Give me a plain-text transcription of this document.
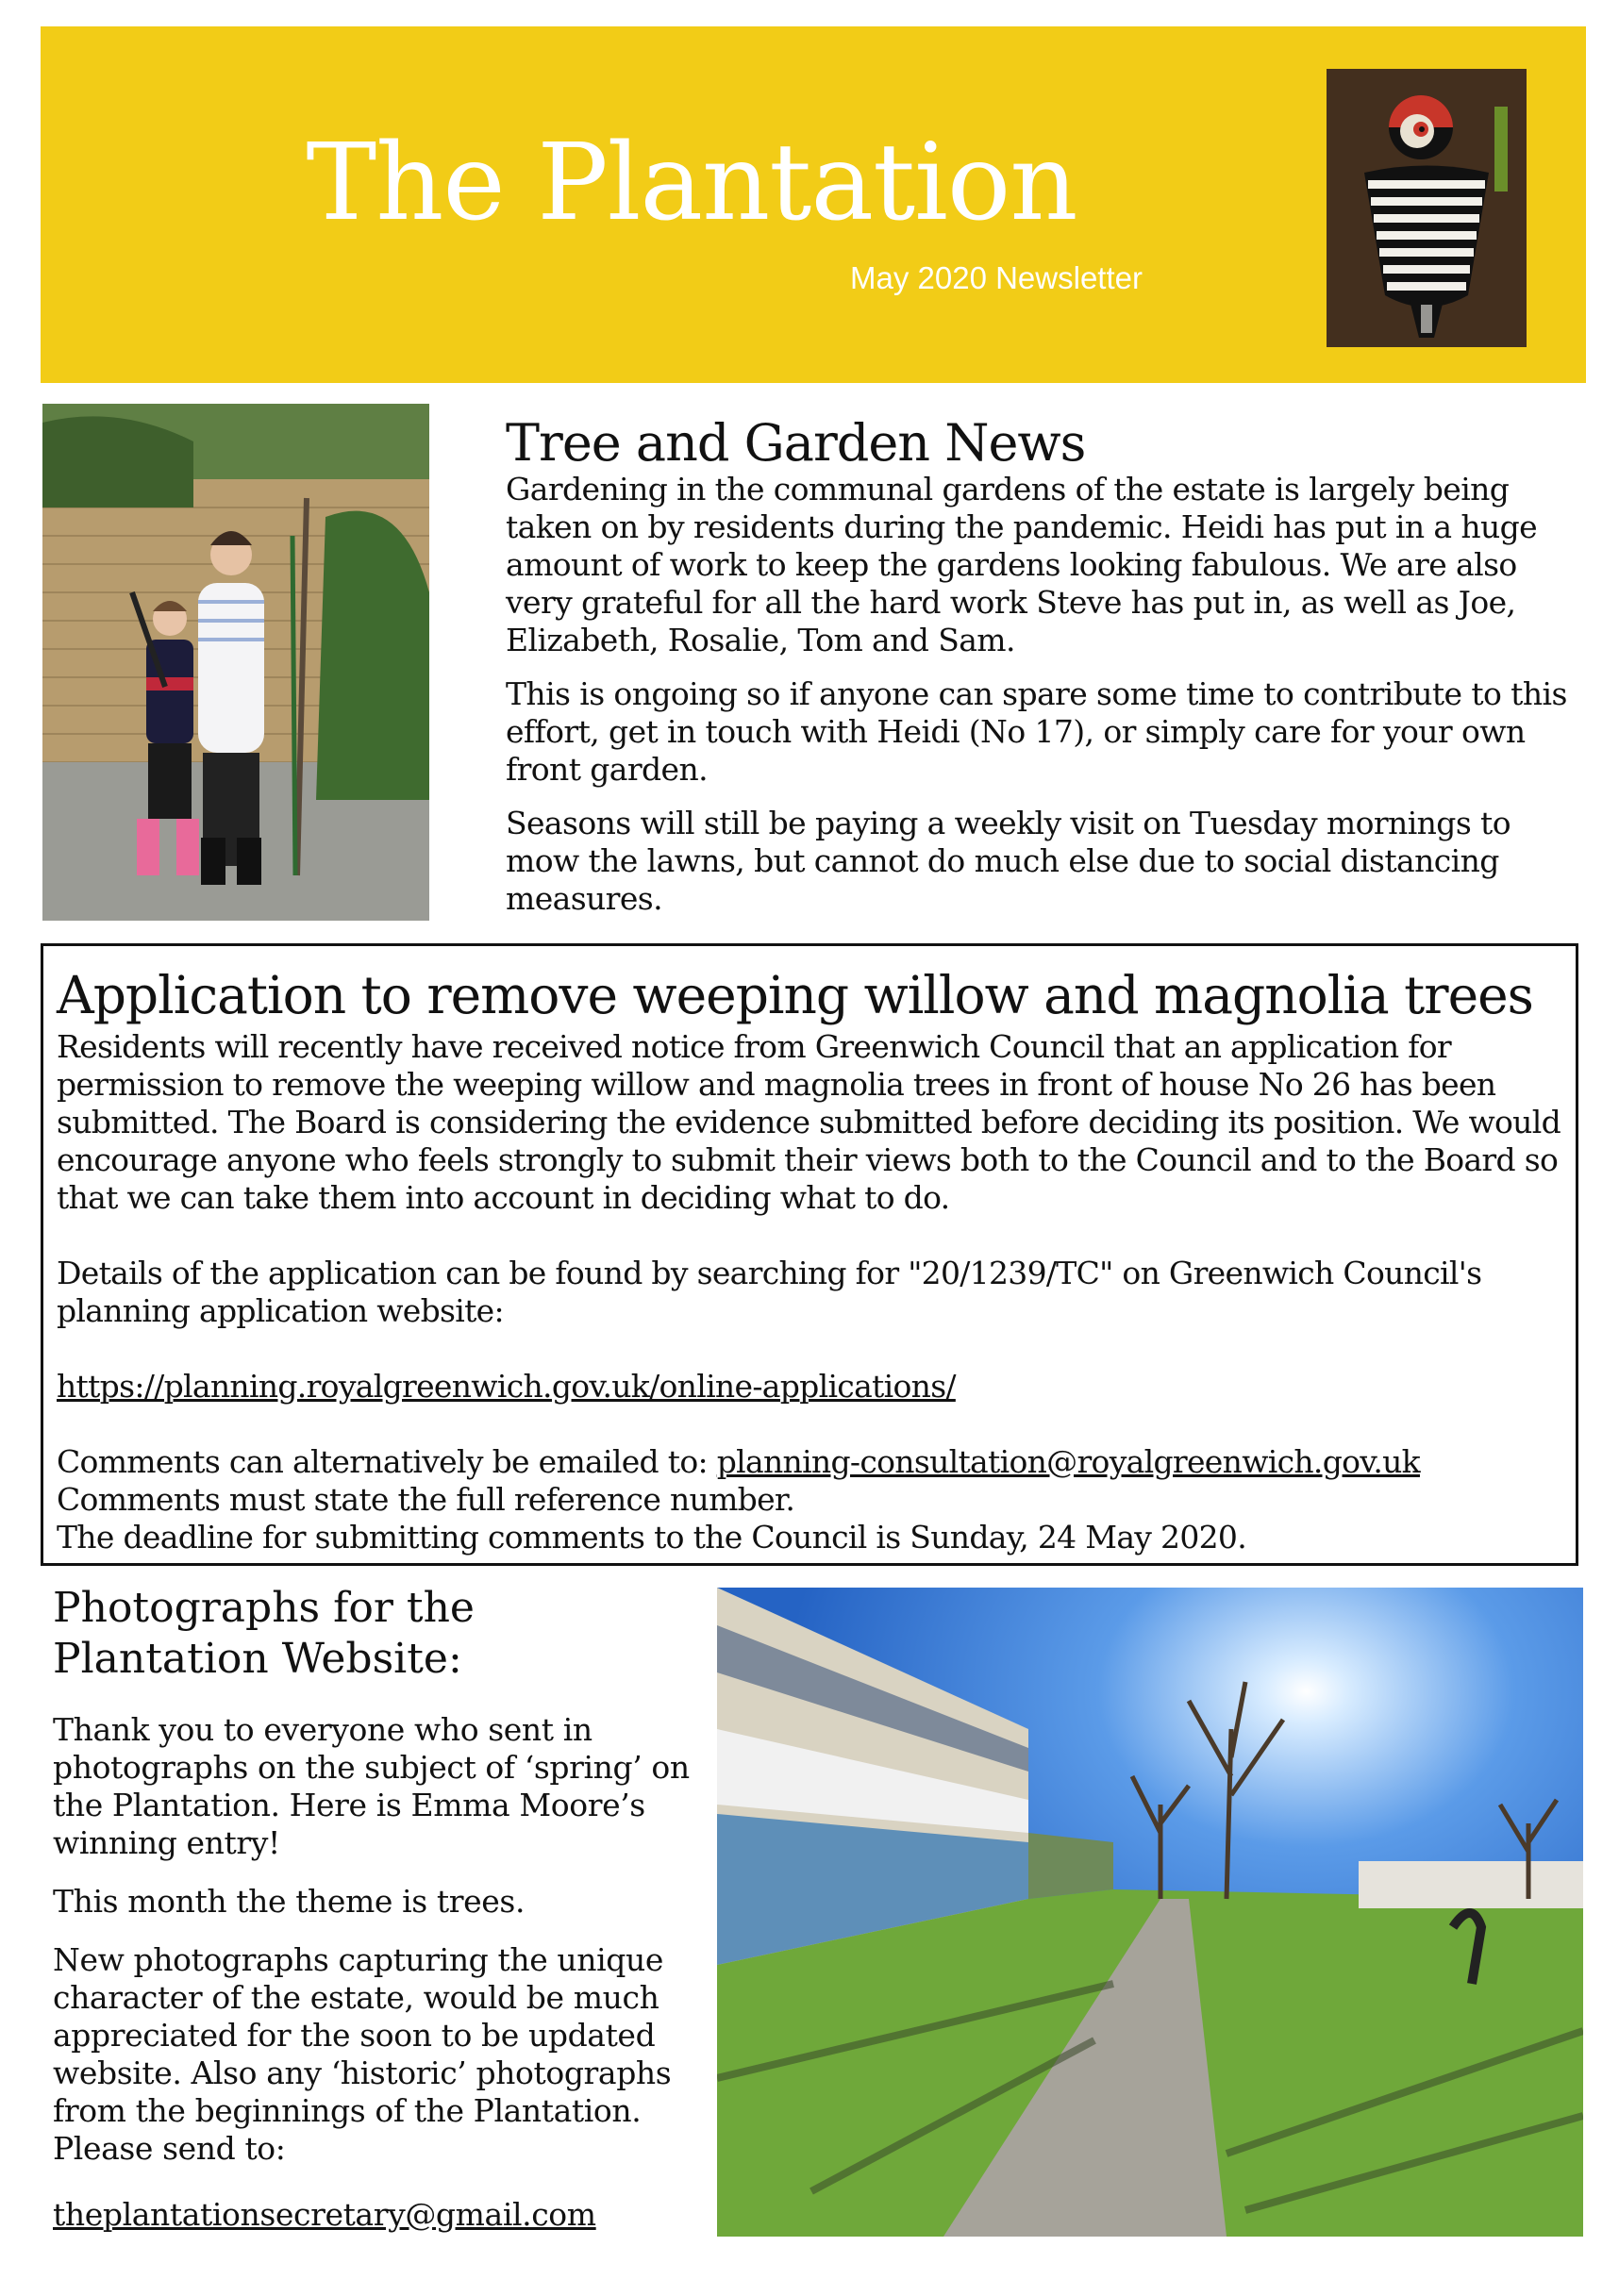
The Plantation
May 2020 Newsletter
Tree and Garden News

Gardening in the communal gardens of the estate is largely being taken on by residents during the pandemic. Heidi has put in a huge amount of work to keep the gardens looking fabulous. We are also very grateful for all the hard work Steve has put in, as well as Joe, Elizabeth, Rosalie, Tom and Sam.

This is ongoing so if anyone can spare some time to contribute to this effort, get in touch with Heidi (No 17), or simply care for your own front garden.

Seasons will still be paying a weekly visit on Tuesday mornings to mow the lawns, but cannot do much else due to social distancing measures.

Application to remove weeping willow and magnolia trees

Residents will recently have received notice from Greenwich Council that an application for permission to remove the weeping willow and magnolia trees in front of house No 26 has been submitted. The Board is considering the evidence submitted before deciding its position. We would encourage anyone who feels strongly to submit their views both to the Council and to the Board so that we can take them into account in deciding what to do.

Details of the application can be found by searching for "20/1239/TC" on Greenwich Council's planning application website:

https://planning.royalgreenwich.gov.uk/online-applications/

Comments can alternatively be emailed to: planning-consultation@royalgreenwich.gov.uk

Comments must state the full reference number.

The deadline for submitting comments to the Council is Sunday, 24 May 2020.

Photographs for the
Plantation Website:

Thank you to everyone who sent in photographs on the subject of ‘spring’ on the Plantation. Here is Emma Moore’s winning entry!

This month the theme is trees.

New photographs capturing the unique character of the estate, would be much appreciated for the soon to be updated website. Also any ‘historic’ photographs from the beginnings of the Plantation. Please send to:

theplantationsecretary@gmail.com
